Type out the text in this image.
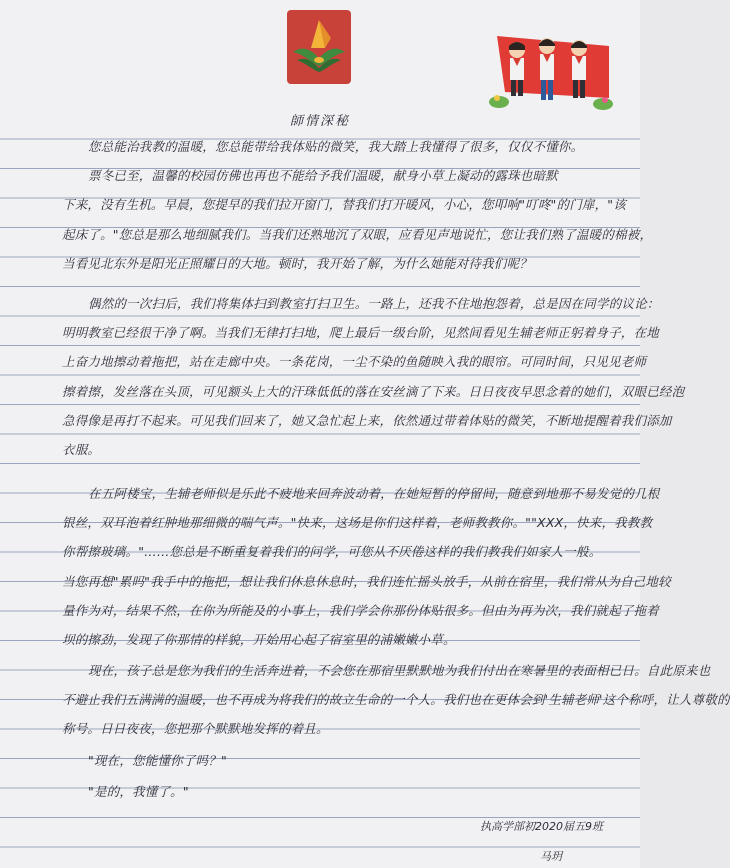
師情深秘
您总能治我教的温暖，您总能带给我体贴的微笑，我大踏上我懂得了很多，仅仅不懂你。
票冬已至，温馨的校园仿佛也再也不能给予我们温暖，献身小草上凝动的露珠也暗默
下来，没有生机。早晨，您提早的我们拉开窗门，替我们打开暖风，小心，您叩响"叮咚"的门扉，"该
起床了。"您总是那么地细腻我们。当我们还熟地沉了双眼，应看见声地说忙，您让我们熟了温暖的棉被，
当看见北东外是阳光正照耀日的大地。顿时，我开始了解，为什么她能对待我们呢？
偶然的一次扫后，我们将集体扫到教室打扫卫生。一路上，还我不住地抱怨着，总是因在同学的议论：
明明教室已经很干净了啊。当我们无律打扫地，爬上最后一级台阶，见然间看见生辅老师正躬着身子，在地
上奋力地擦动着拖把，站在走廊中央。一条花岗，一尘不染的鱼随映入我的眼帘。可同时间，只见见老师
擦着擦，发丝落在头顶，可见额头上大的汗珠低低的落在安丝滴了下来。日日夜夜早思念着的她们，双眼已经泡
急得像是再打不起来。可见我们回来了，她又急忙起上来，依然通过带着体贴的微笑，不断地提醒着我们添加
衣服。
在五阿楼宝，生辅老师似是乐此不疲地来回奔波动着，在她短暂的停留间，随意到地那不易发觉的几根
银丝，双耳泡着红肿地那细微的喘气声。"快来，这场是你们这样着，老师教教你。""XXX，快来，我教教
你帮擦玻璃。"……您总是不断重复着我们的问学，可您从不厌倦这样的我们教我们如家人一般。
当您再想"累吗"我手中的拖把，想让我们休息休息时，我们连忙摇头放手，从前在宿里，我们常从为自己地较
量作为对，结果不然，在你为所能及的小事上，我们学会你那份体贴很多。但由为再为次，我们就起了拖着
坝的擦劲，发现了你那情的样貌，开始用心起了宿室里的浦嫩嫩小草。
现在，孩子总是您为我们的生活奔进着，不会您在那宿里默默地为我们付出在寒暑里的表面相已日。自此原来也
不避止我们五满满的温暖，也不再成为将我们的故立生命的一个人。我们也在更体会到'生辅老师'这个称呼，让人尊敬的
称号。日日夜夜，您把那个默默地发挥的着且。
"现在，您能懂你了吗？"
"是的，我懂了。"
执高学部初2020届五9班
马玥
